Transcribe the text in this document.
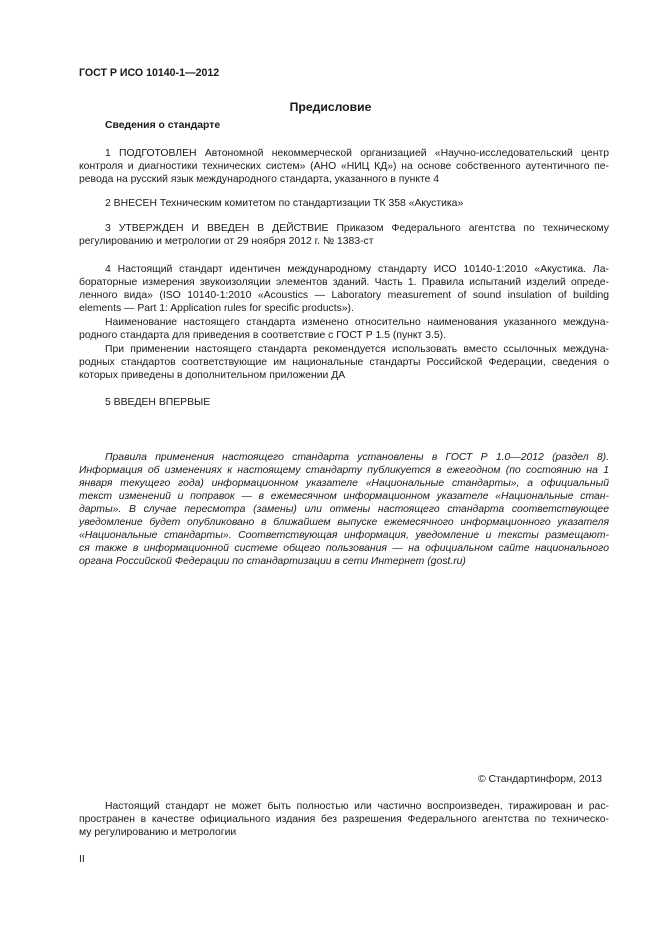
ГОСТ Р ИСО 10140-1—2012
Предисловие
Сведения о стандарте
1 ПОДГОТОВЛЕН Автономной некоммерческой организацией «Научно-исследовательский центр
контроля и диагностики технических систем» (АНО «НИЦ КД») на основе собственного аутентичного пе-
ревода на русский язык международного стандарта, указанного в пункте 4
2 ВНЕСЕН Техническим комитетом по стандартизации ТК 358 «Акустика»
3 УТВЕРЖДЕН И ВВЕДЕН В ДЕЙСТВИЕ Приказом Федерального агентства по техническому
регулированию и метрологии от 29 ноября 2012 г. № 1383-ст
4 Настоящий стандарт идентичен международному стандарту ИСО 10140-1:2010 «Акустика. Ла-
бораторные измерения звукоизоляции элементов зданий. Часть 1. Правила испытаний изделий опреде-
ленного вида» (ISO 10140-1:2010 «Acoustics — Laboratory measurement of sound insulation of building
elements — Part 1: Application rules for specific products»).
Наименование настоящего стандарта изменено относительно наименования указанного междуна-
родного стандарта для приведения в соответствие с ГОСТ Р 1.5 (пункт 3.5).
При применении настоящего стандарта рекомендуется использовать вместо ссылочных междуна-
родных стандартов соответствующие им национальные стандарты Российской Федерации, сведения о
которых приведены в дополнительном приложении ДА
5 ВВЕДЕН ВПЕРВЫЕ
Правила применения настоящего стандарта установлены в ГОСТ Р 1.0—2012 (раздел 8).
Информация об изменениях к настоящему стандарту публикуется в ежегодном (по состоянию на 1
января текущего года) информационном указателе «Национальные стандарты», а официальный
текст изменений и поправок — в ежемесячном информационном указателе «Национальные стан-
дарты». В случае пересмотра (замены) или отмены настоящего стандарта соответствующее
уведомление будет опубликовано в ближайшем выпуске ежемесячного информационного указателя
«Национальные стандарты». Соответствующая информация, уведомление и тексты размещают-
ся также в информационной системе общего пользования — на официальном сайте национального
органа Российской Федерации по стандартизации в сети Интернет (gost.ru)
© Стандартинформ, 2013
Настоящий стандарт не может быть полностью или частично воспроизведен, тиражирован и рас-
пространен в качестве официального издания без разрешения Федерального агентства по техническо-
му регулированию и метрологии
II
